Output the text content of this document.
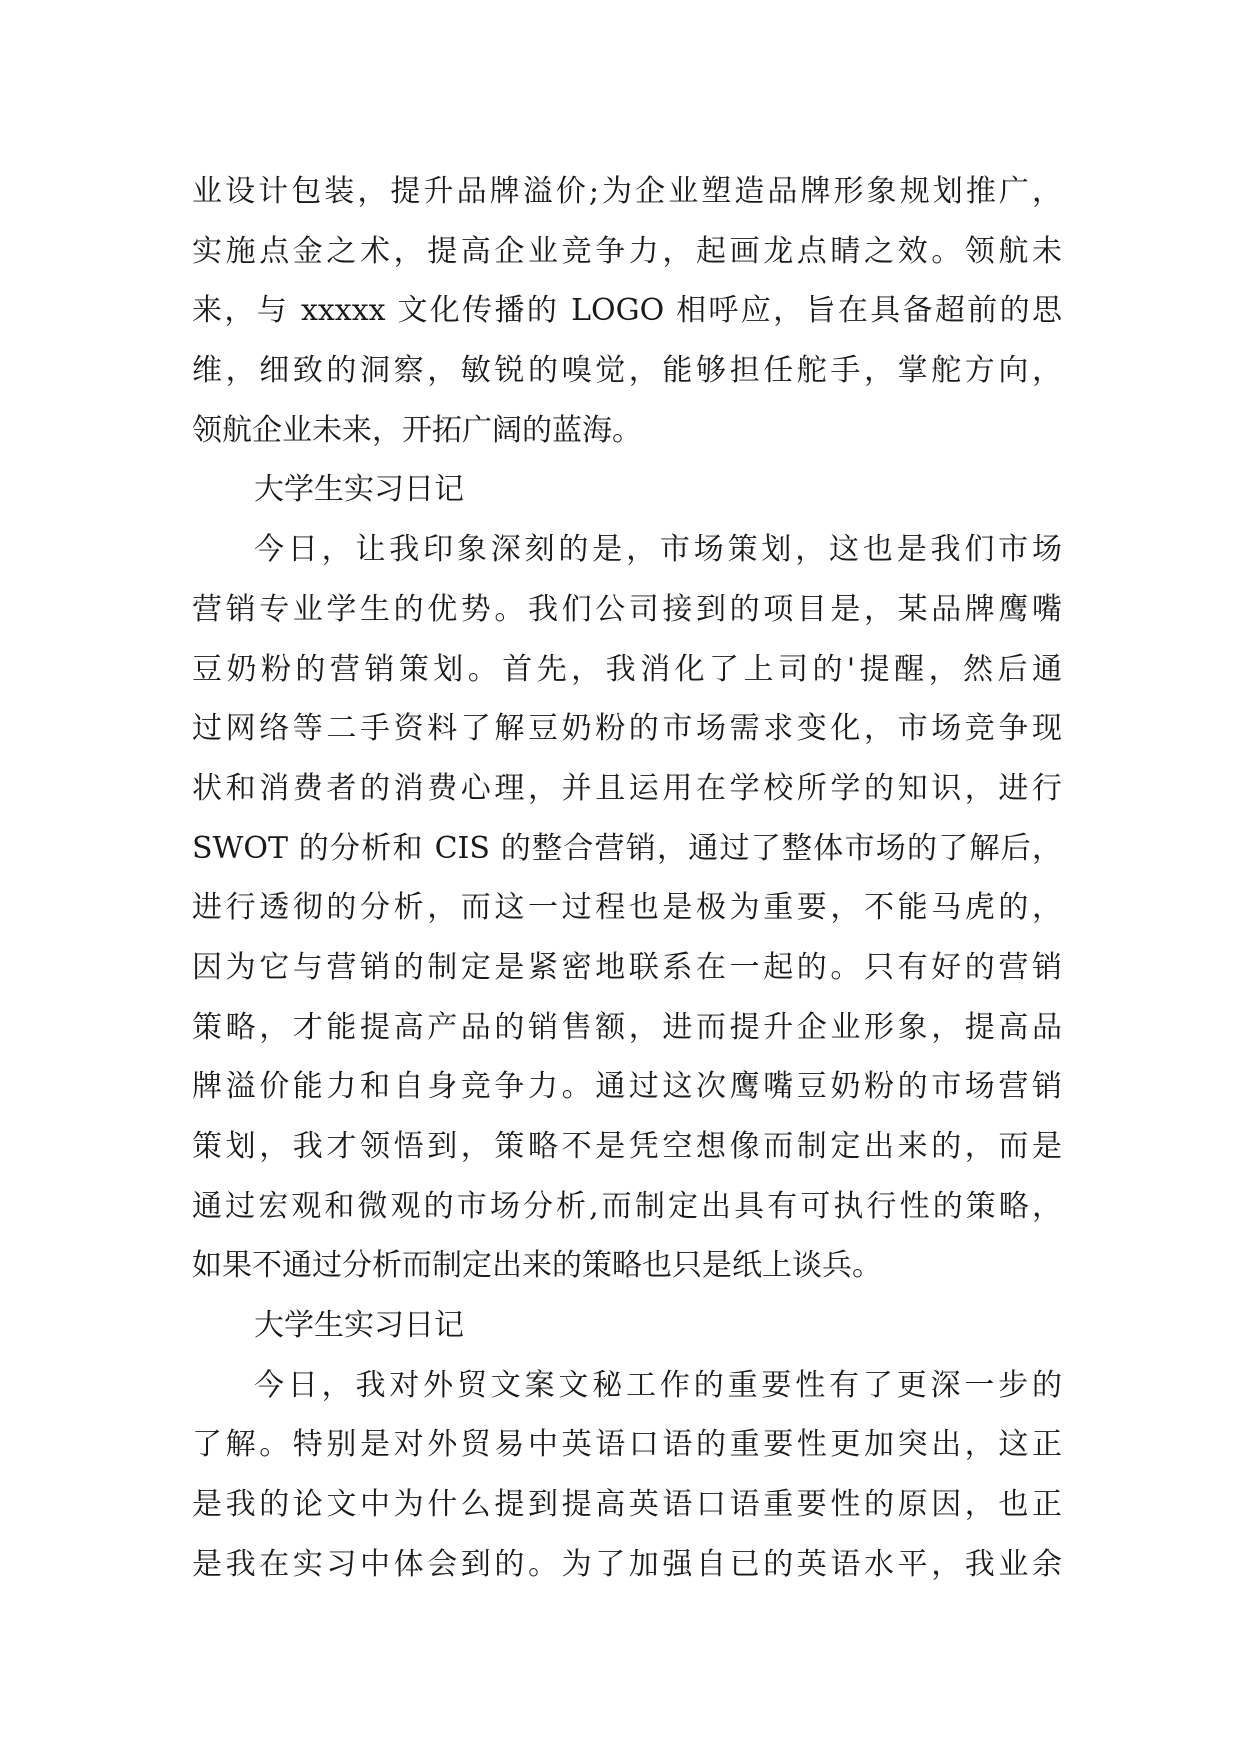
业设计包装，提升品牌溢价;为企业塑造品牌形象规划推广，
实施点金之术，提高企业竞争力，起画龙点睛之效。领航未
来，与 xxxxx 文化传播的 LOGO 相呼应，旨在具备超前的思
维，细致的洞察，敏锐的嗅觉，能够担任舵手，掌舵方向，
领航企业未来，开拓广阔的蓝海。
大学生实习日记
今日，让我印象深刻的是，市场策划，这也是我们市场
营销专业学生的优势。我们公司接到的项目是，某品牌鹰嘴
豆奶粉的营销策划。首先，我消化了上司的'提醒，然后通
过网络等二手资料了解豆奶粉的市场需求变化，市场竞争现
状和消费者的消费心理，并且运用在学校所学的知识，进行
SWOT 的分析和 CIS 的整合营销，通过了整体市场的了解后，
进行透彻的分析，而这一过程也是极为重要，不能马虎的，
因为它与营销的制定是紧密地联系在一起的。只有好的营销
策略，才能提高产品的销售额，进而提升企业形象，提高品
牌溢价能力和自身竞争力。通过这次鹰嘴豆奶粉的市场营销
策划，我才领悟到，策略不是凭空想像而制定出来的，而是
通过宏观和微观的市场分析,而制定出具有可执行性的策略，
如果不通过分析而制定出来的策略也只是纸上谈兵。
大学生实习日记
今日，我对外贸文案文秘工作的重要性有了更深一步的
了解。特别是对外贸易中英语口语的重要性更加突出，这正
是我的论文中为什么提到提高英语口语重要性的原因，也正
是我在实习中体会到的。为了加强自已的英语水平，我业余
